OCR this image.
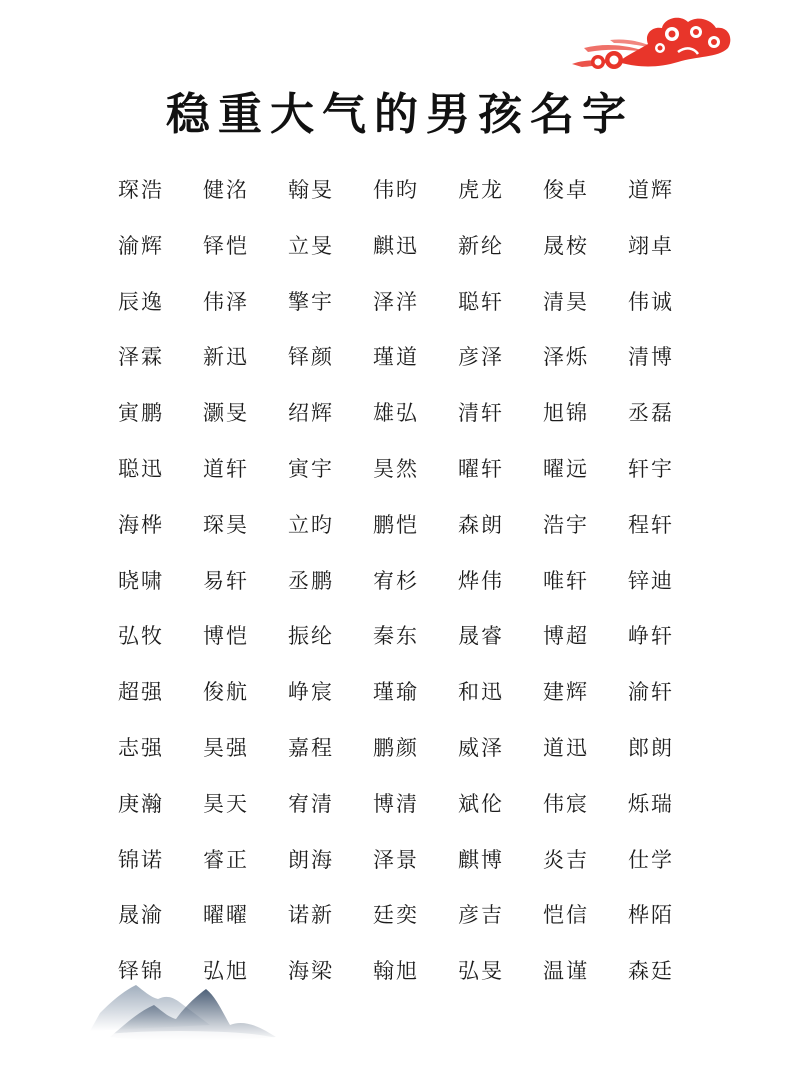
稳重大气的男孩名字
琛浩	健洺	翰旻	伟昀	虎龙	俊卓	道辉
渝辉	铎恺	立旻	麒迅	新纶	晟桉	翊卓
辰逸	伟泽	擎宇	泽洋	聪轩	清昊	伟诚
泽霖	新迅	铎颜	瑾道	彦泽	泽烁	清博
寅鹏	灏旻	绍辉	雄弘	清轩	旭锦	丞磊
聪迅	道轩	寅宇	昊然	曜轩	曜远	轩宇
海桦	琛昊	立昀	鹏恺	森朗	浩宇	程轩
晓啸	易轩	丞鹏	宥杉	烨伟	唯轩	锌迪
弘牧	博恺	振纶	秦东	晟睿	博超	峥轩
超强	俊航	峥宸	瑾瑜	和迅	建辉	渝轩
志强	昊强	嘉程	鹏颜	威泽	道迅	郎朗
庚瀚	昊天	宥清	博清	斌伦	伟宸	烁瑞
锦诺	睿正	朗海	泽景	麒博	炎吉	仕学
晟渝	曜曜	诺新	廷奕	彦吉	恺信	桦陌
铎锦	弘旭	海梁	翰旭	弘旻	温谨	森廷
